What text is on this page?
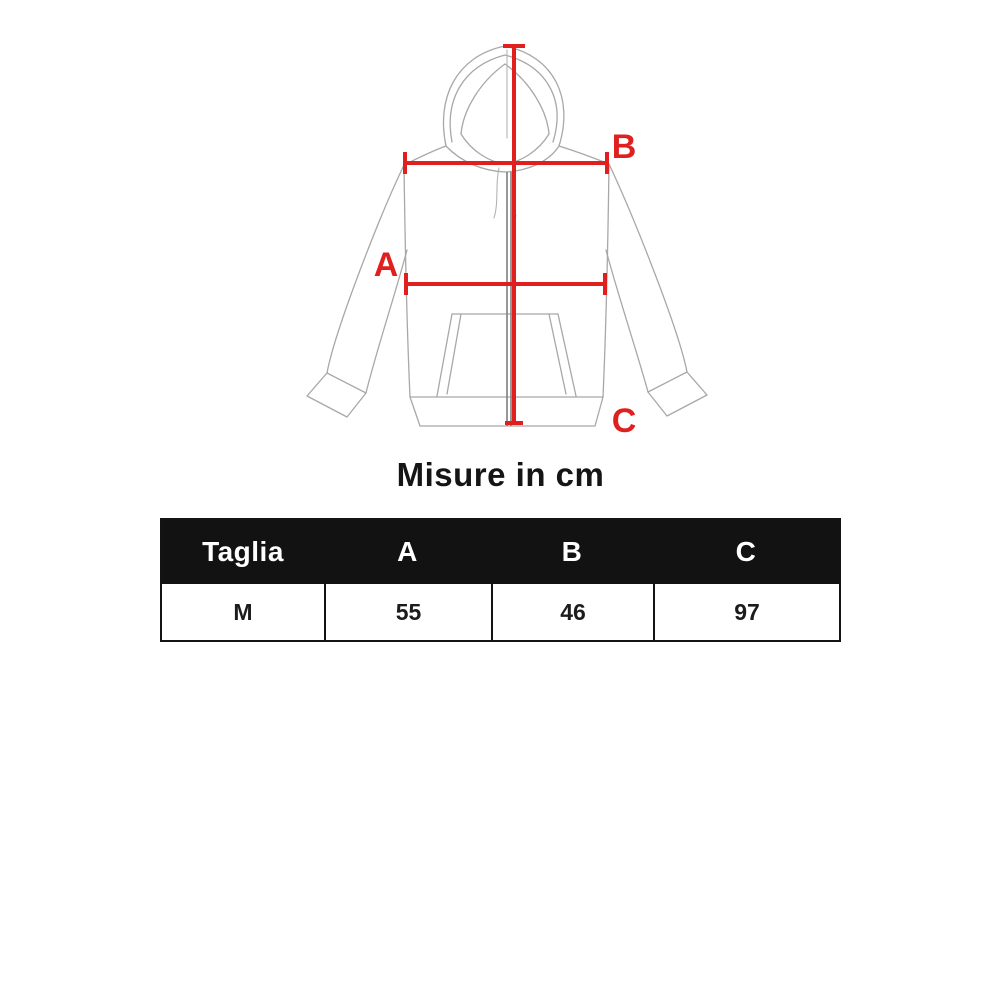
A
B
C
Misure in cm
Taglia	A	B	C
M	55	46	97
